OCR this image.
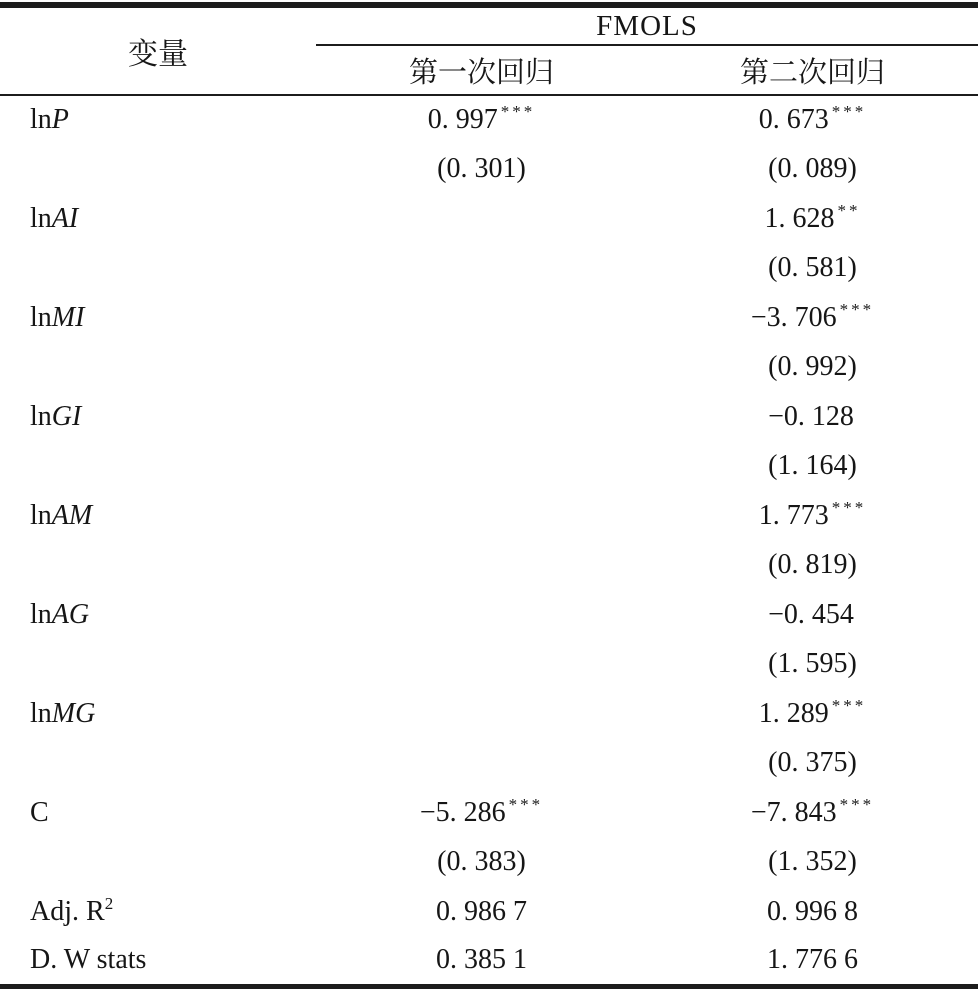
变量	FMOLS	
	第一次回归	第二次回归
lnP	0. 997 ***	0. 673 ***
	(0. 301)	(0. 089)
lnAI		1. 628 **
		(0. 581)
lnMI		−3. 706 ***
		(0. 992)
lnGI		−0. 128
		(1. 164)
lnAM		1. 773 ***
		(0. 819)
lnAG		−0. 454
		(1. 595)
lnMG		1. 289 ***
		(0. 375)
C	−5. 286 ***	−7. 843 ***
	(0. 383)	(1. 352)
Adj. $R^2$	0. 986 7	0. 996 8
D. W stats	0. 385 1	1. 776 6
